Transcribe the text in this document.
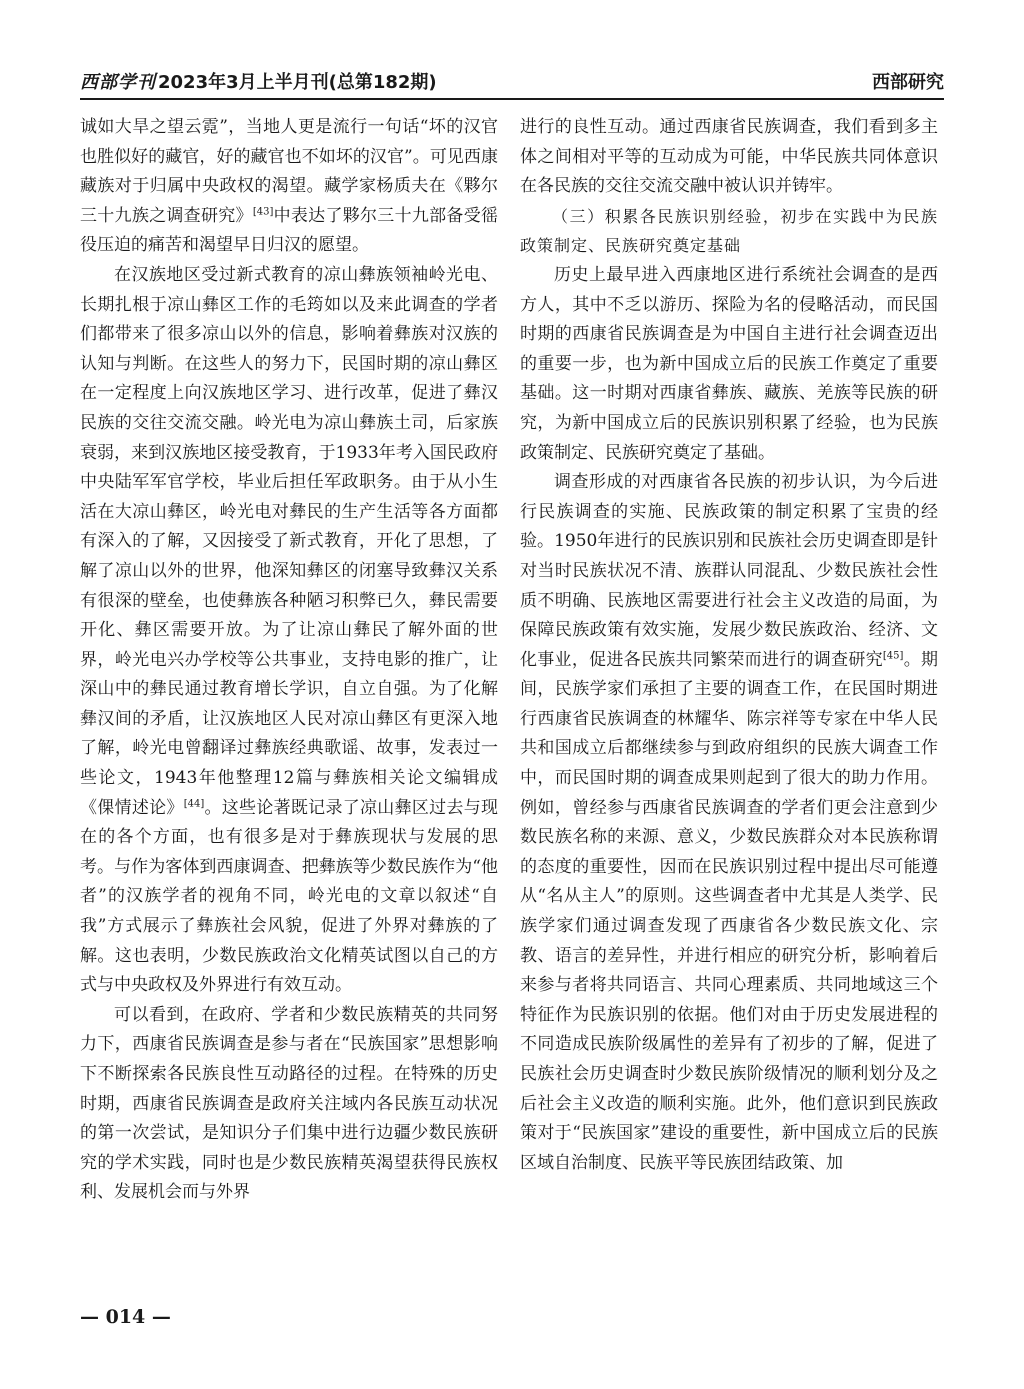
西部学刊 2023年3月上半月刊(总第182期)	西部研究

诚如大旱之望云霓”，当地人更是流行一句话“坏的汉官也胜似好的藏官，好的藏官也不如坏的汉官”。可见西康藏族对于归属中央政权的渴望。藏学家杨质夫在《夥尔三十九族之调查研究》[43]中表达了夥尔三十九部备受徭役压迫的痛苦和渴望早日归汉的愿望。

在汉族地区受过新式教育的凉山彝族领袖岭光电、长期扎根于凉山彝区工作的毛筠如以及来此调查的学者们都带来了很多凉山以外的信息，影响着彝族对汉族的认知与判断。在这些人的努力下，民国时期的凉山彝区在一定程度上向汉族地区学习、进行改革，促进了彝汉民族的交往交流交融。岭光电为凉山彝族土司，后家族衰弱，来到汉族地区接受教育，于1933年考入国民政府中央陆军军官学校，毕业后担任军政职务。由于从小生活在大凉山彝区，岭光电对彝民的生产生活等各方面都有深入的了解，又因接受了新式教育，开化了思想，了解了凉山以外的世界，他深知彝区的闭塞导致彝汉关系有很深的壁垒，也使彝族各种陋习积弊已久，彝民需要开化、彝区需要开放。为了让凉山彝民了解外面的世界，岭光电兴办学校等公共事业，支持电影的推广，让深山中的彝民通过教育增长学识，自立自强。为了化解彝汉间的矛盾，让汉族地区人民对凉山彝区有更深入地了解，岭光电曾翻译过彝族经典歌谣、故事，发表过一些论文，1943年他整理12篇与彝族相关论文编辑成《倮情述论》[44]。这些论著既记录了凉山彝区过去与现在的各个方面，也有很多是对于彝族现状与发展的思考。与作为客体到西康调查、把彝族等少数民族作为“他者”的汉族学者的视角不同，岭光电的文章以叙述“自我”方式展示了彝族社会风貌，促进了外界对彝族的了解。这也表明，少数民族政治文化精英试图以自己的方式与中央政权及外界进行有效互动。

可以看到，在政府、学者和少数民族精英的共同努力下，西康省民族调查是参与者在“民族国家”思想影响下不断探索各民族良性互动路径的过程。在特殊的历史时期，西康省民族调查是政府关注域内各民族互动状况的第一次尝试，是知识分子们集中进行边疆少数民族研究的学术实践，同时也是少数民族精英渴望获得民族权利、发展机会而与外界

进行的良性互动。通过西康省民族调查，我们看到多主体之间相对平等的互动成为可能，中华民族共同体意识在各民族的交往交流交融中被认识并铸牢。

（三）积累各民族识别经验，初步在实践中为民族政策制定、民族研究奠定基础

历史上最早进入西康地区进行系统社会调查的是西方人，其中不乏以游历、探险为名的侵略活动，而民国时期的西康省民族调查是为中国自主进行社会调查迈出的重要一步，也为新中国成立后的民族工作奠定了重要基础。这一时期对西康省彝族、藏族、羌族等民族的研究，为新中国成立后的民族识别积累了经验，也为民族政策制定、民族研究奠定了基础。

调查形成的对西康省各民族的初步认识，为今后进行民族调查的实施、民族政策的制定积累了宝贵的经验。1950年进行的民族识别和民族社会历史调查即是针对当时民族状况不清、族群认同混乱、少数民族社会性质不明确、民族地区需要进行社会主义改造的局面，为保障民族政策有效实施，发展少数民族政治、经济、文化事业，促进各民族共同繁荣而进行的调查研究[45]。期间，民族学家们承担了主要的调查工作，在民国时期进行西康省民族调查的林耀华、陈宗祥等专家在中华人民共和国成立后都继续参与到政府组织的民族大调查工作中，而民国时期的调查成果则起到了很大的助力作用。例如，曾经参与西康省民族调查的学者们更会注意到少数民族名称的来源、意义，少数民族群众对本民族称谓的态度的重要性，因而在民族识别过程中提出尽可能遵从“名从主人”的原则。这些调查者中尤其是人类学、民族学家们通过调查发现了西康省各少数民族文化、宗教、语言的差异性，并进行相应的研究分析，影响着后来参与者将共同语言、共同心理素质、共同地域这三个特征作为民族识别的依据。他们对由于历史发展进程的不同造成民族阶级属性的差异有了初步的了解，促进了民族社会历史调查时少数民族阶级情况的顺利划分及之后社会主义改造的顺利实施。此外，他们意识到民族政策对于“民族国家”建设的重要性，新中国成立后的民族区域自治制度、民族平等民族团结政策、加

— 014 —
